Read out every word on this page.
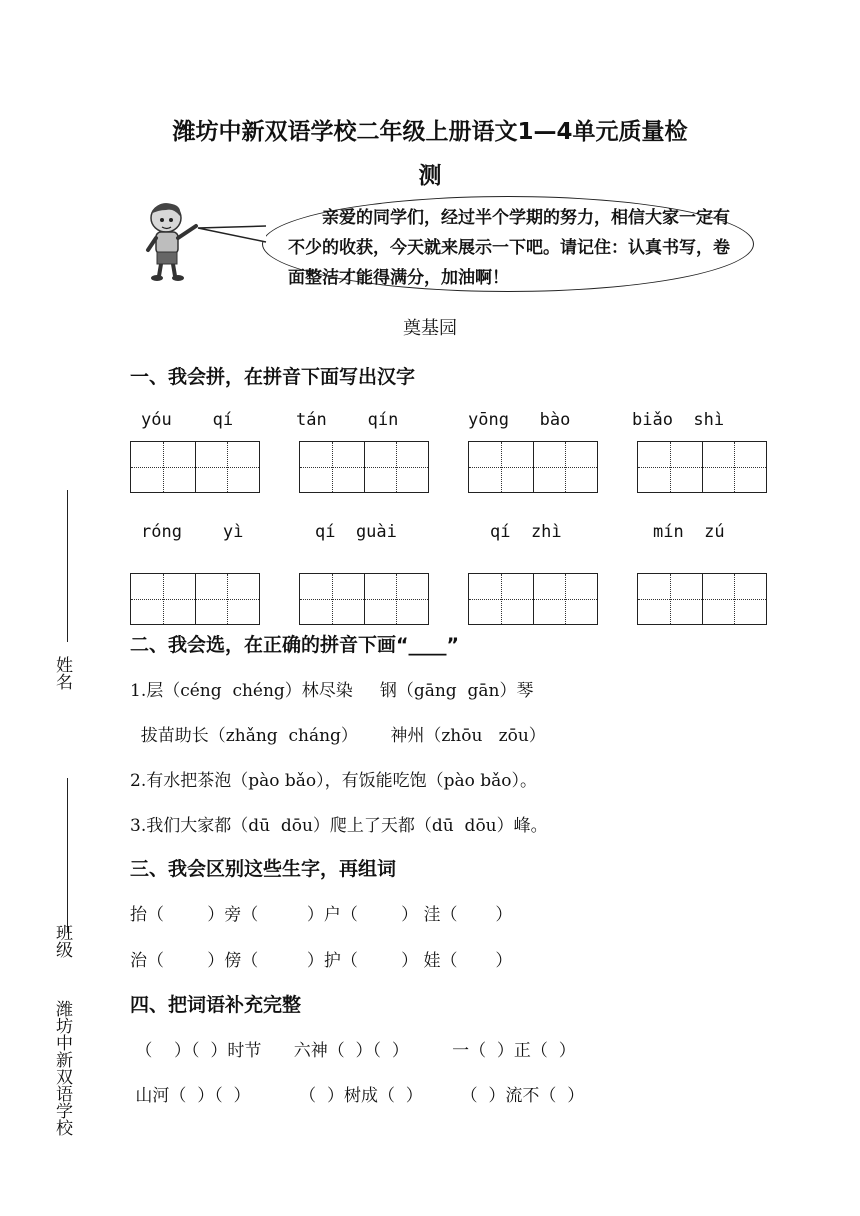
潍坊中新双语学校二年级上册语文1—4单元质量检
测
亲爱的同学们，经过半个学期的努力，相信大家一定有不少的收获，今天就来展示一下吧。请记住：认真书写，卷面整洁才能得满分，加油啊！
奠基园
一、我会拼，在拼音下面写出汉字
yóu    qí	tán    qín	yōng   bào	biǎo  shì
róng    yì	qí  guài	qí  zhì	mín  zú
二、我会选，在正确的拼音下画“____”
1.层（céng  chéng）林尽染     钢（gāng  gān）琴
拔苗助长（zhǎng  cháng）      神州（zhōu   zōu）
2.有水把茶泡（pào bǎo），有饭能吃饱（pào bǎo）。
3.我们大家都（dū  dōu）爬上了天都（dū  dōu）峰。
三、我会区别这些生字，再组词
抬（        ）旁（         ）户（        ） 洼（       ）
治（        ）傍（         ）护（        ） 娃（       ）
四、把词语补充完整
（    ）（  ）时节      六神（  ）（  ）        一（  ）正（  ）
山河（  ）（  ）         （  ）树成（  ）       （  ）流不（  ）
姓名
班级
潍坊中新双语学校
